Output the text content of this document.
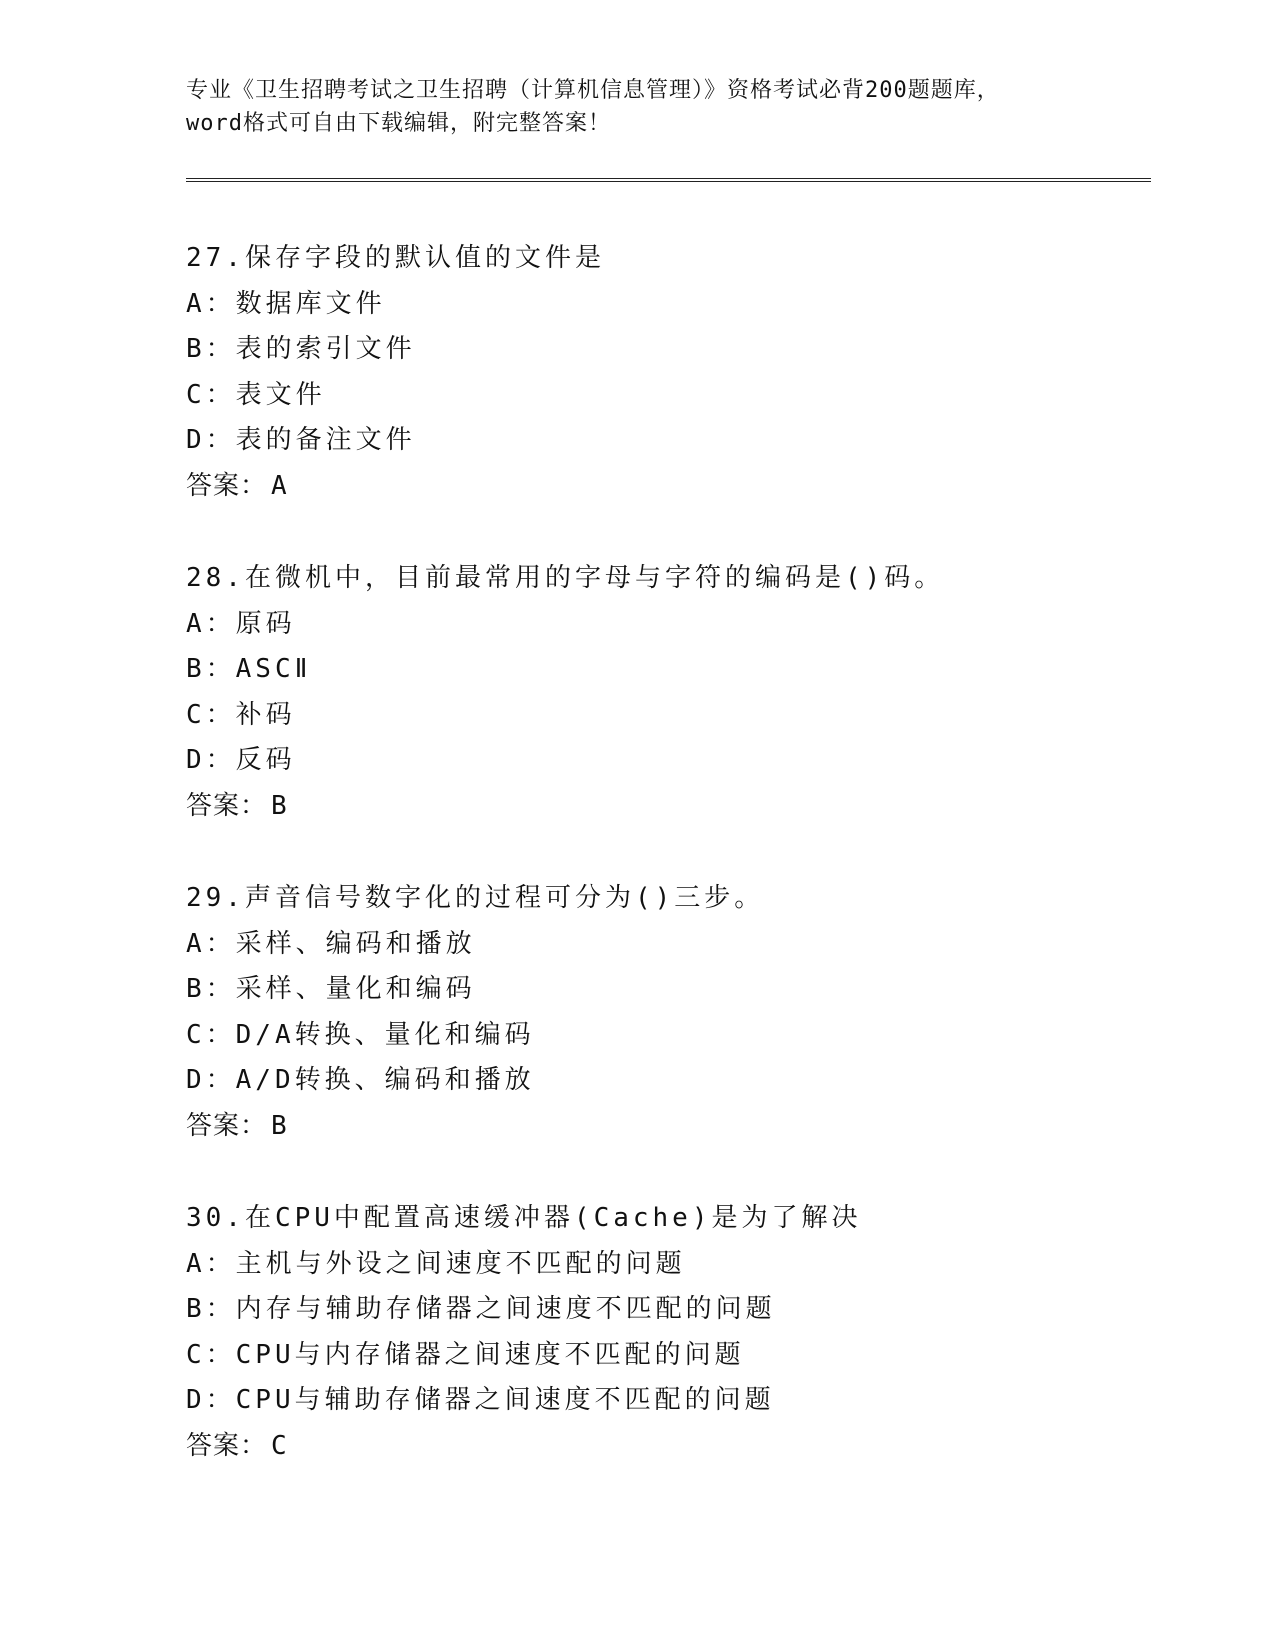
专业《卫生招聘考试之卫生招聘（计算机信息管理）》资格考试必背200题题库，

word格式可自由下载编辑，附完整答案！

27.保存字段的默认值的文件是
A：数据库文件
B：表的索引文件
C：表文件
D：表的备注文件
答案： A
28.在微机中，目前最常用的字母与字符的编码是()码。
A：原码
B：ASCⅡ
C：补码
D：反码
答案： B
29.声音信号数字化的过程可分为()三步。
A：采样、编码和播放
B：采样、量化和编码
C：D/A转换、量化和编码
D：A/D转换、编码和播放
答案： B
30.在CPU中配置高速缓冲器(Cache)是为了解决
A：主机与外设之间速度不匹配的问题
B：内存与辅助存储器之间速度不匹配的问题
C：CPU与内存储器之间速度不匹配的问题
D：CPU与辅助存储器之间速度不匹配的问题
答案： C
